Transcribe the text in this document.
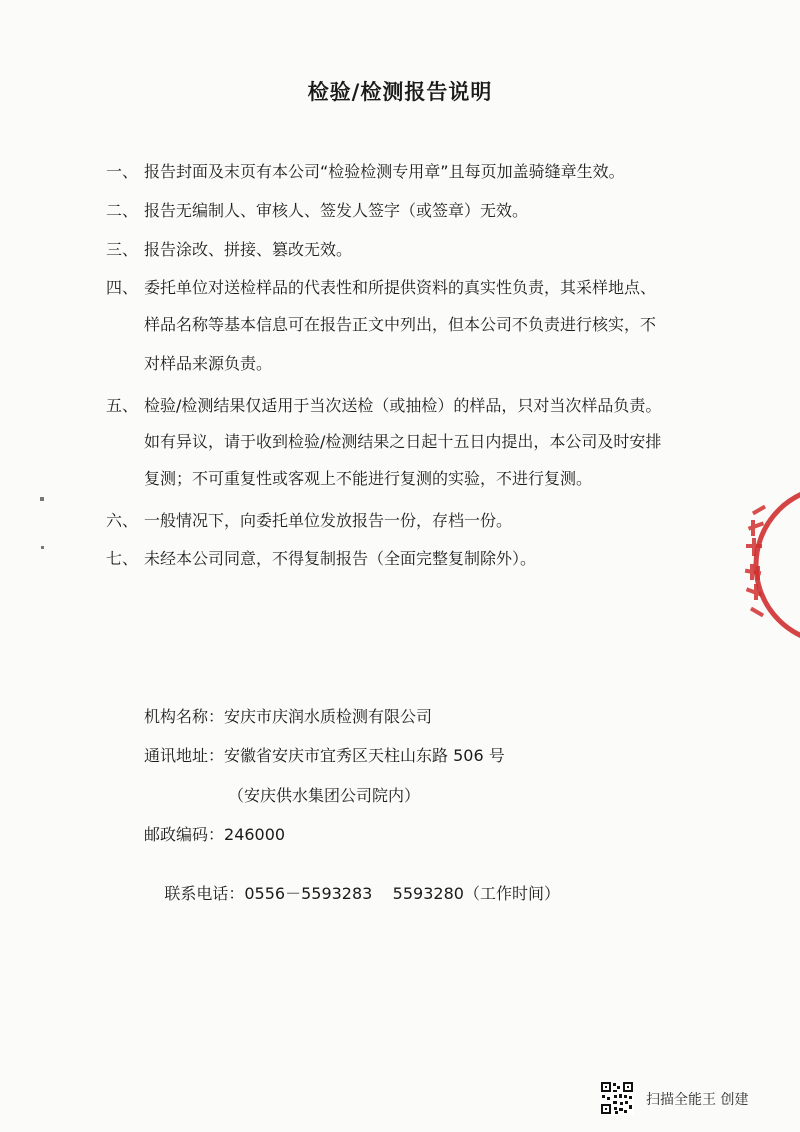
检验/检测报告说明
一、 报告封面及末页有本公司“检验检测专用章”且每页加盖骑缝章生效。
二、 报告无编制人、审核人、签发人签字（或签章）无效。
三、 报告涂改、拼接、篡改无效。
四、 委托单位对送检样品的代表性和所提供资料的真实性负责，其采样地点、
样品名称等基本信息可在报告正文中列出，但本公司不负责进行核实，不
对样品来源负责。
五、 检验/检测结果仅适用于当次送检（或抽检）的样品，只对当次样品负责。
如有异议，请于收到检验/检测结果之日起十五日内提出，本公司及时安排
复测；不可重复性或客观上不能进行复测的实验，不进行复测。
六、 一般情况下，向委托单位发放报告一份，存档一份。
七、 未经本公司同意，不得复制报告（全面完整复制除外）。
机构名称：安庆市庆润水质检测有限公司
通讯地址：安徽省安庆市宜秀区天柱山东路 506 号
（安庆供水集团公司院内）
邮政编码：246000

联系电话：0556－5593283    5593280（工作时间）

扫描全能王 创建
